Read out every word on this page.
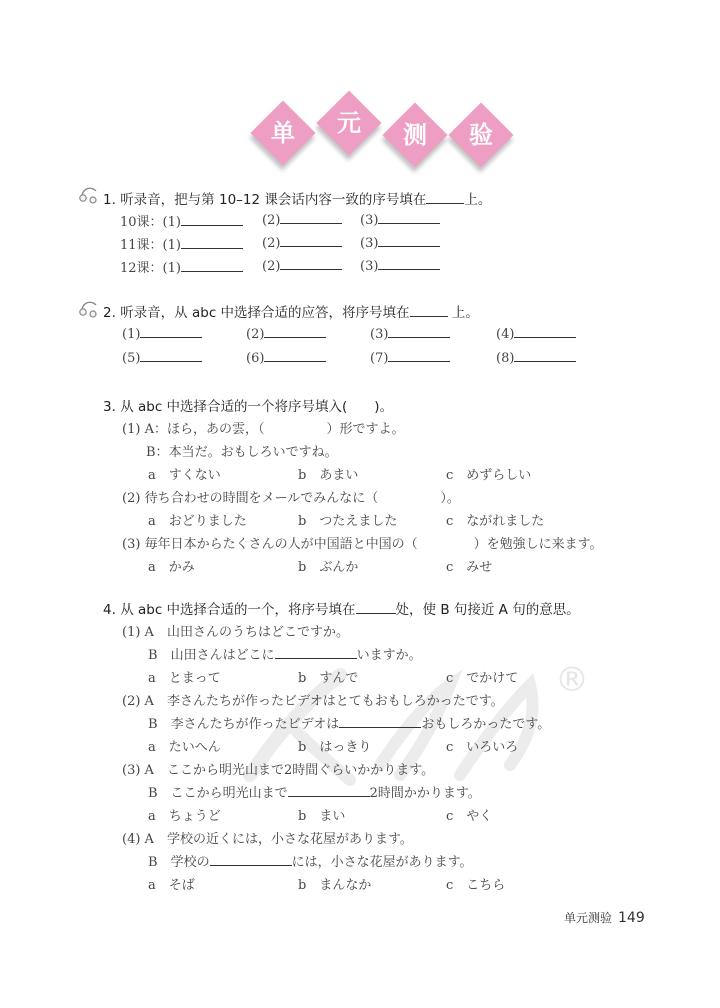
单	元	测	验
®
1. 听录音，把与第 10–12 课会话内容一致的序号填在	上。
10课：(1)	(2)	(3)
11课：(1)	(2)	(3)
12课：(1)	(2)	(3)
2. 听录音，从 abc 中选择合适的应答，将序号填在	上。
(1)	(2)	(3)	(4)
(5)	(6)	(7)	(8)
3. 从 abc 中选择合适的一个将序号填入(　　)。
(1) A：ほら，あの雲，（	）形ですよ。
B：本当だ。おもしろいですね。
a　 すくない	b　 あまい	c　 めずらしい
(2) 待ち合わせの時間をメールでみんなに（	）。
a　 おどりました	b　 つたえました	c　 ながれました
(3) 毎年日本からたくさんの人が中国語と中国の（	）を勉強しに来ます。
a　 かみ	b　 ぶんか	c　 みせ
4. 从 abc 中选择合适的一个，将序号填在	处，使 B 句接近 A 句的意思。
(1) A　山田さんのうちはどこですか。
B　山田さんはどこに	いますか。
a　 とまって	b　 すんで	c　 でかけて
(2) A　李さんたちが作ったビデオはとてもおもしろかったです。
B　李さんたちが作ったビデオは	おもしろかったです。
a　 たいへん	b　 はっきり	c　 いろいろ
(3) A　ここから明光山まで2時間ぐらいかかります。
B　ここから明光山まで	2時間かかります。
a　 ちょうど	b　 まい	c　 やく
(4) A　学校の近くには，小さな花屋があります。
B　学校の	には，小さな花屋があります。
a　 そば	b　 まんなか	c　 こちら
单元测验 149
